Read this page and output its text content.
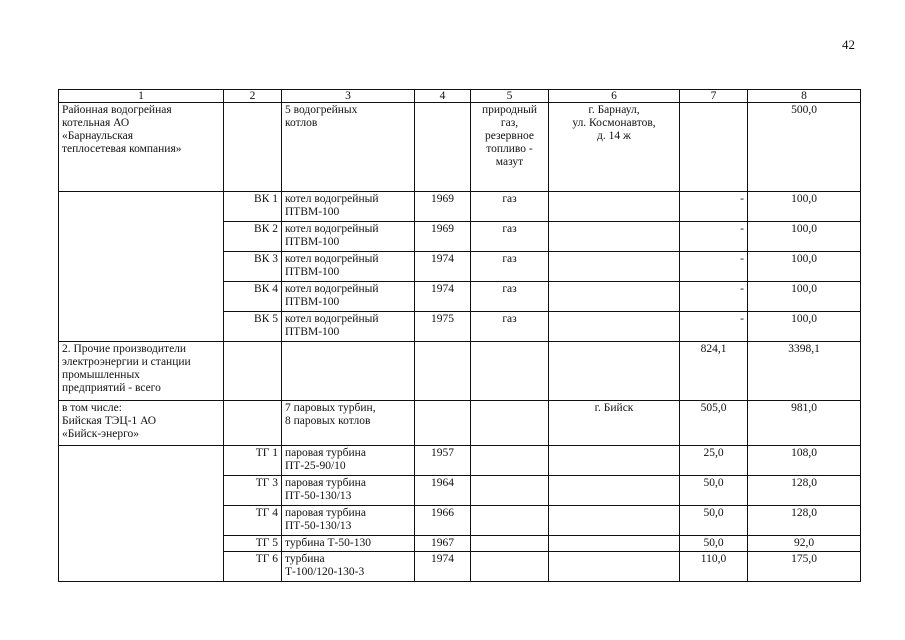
42
1	2	3	4	5	6	7	8
Районная водогрейная
котельная АО
«Барнаульская
теплосетевая компания»		5 водогрейных
котлов		природный
газ,
резервное
топливо -
мазут	г. Барнаул,
ул. Космонавтов,
д. 14 ж		500,0
	ВК 1	котел водогрейный
ПТВМ-100	1969	газ		-	100,0
	ВК 2	котел водогрейный
ПТВМ-100	1969	газ		-	100,0
	ВК 3	котел водогрейный
ПТВМ-100	1974	газ		-	100,0
	ВК 4	котел водогрейный
ПТВМ-100	1974	газ		-	100,0
	ВК 5	котел водогрейный
ПТВМ-100	1975	газ		-	100,0
2. Прочие производители
электроэнергии и станции
промышленных
предприятий - всего						824,1	3398,1
в том числе:
Бийская ТЭЦ-1 АО
«Бийск-энерго»		7 паровых турбин,
8 паровых котлов			г. Бийск	505,0	981,0
	ТГ 1	паровая турбина
ПТ-25-90/10	1957			25,0	108,0
	ТГ 3	паровая турбина
ПТ-50-130/13	1964			50,0	128,0
	ТГ 4	паровая турбина
ПТ-50-130/13	1966			50,0	128,0
	ТГ 5	турбина Т-50-130	1967			50,0	92,0
	ТГ 6	турбина
Т-100/120-130-3	1974			110,0	175,0
